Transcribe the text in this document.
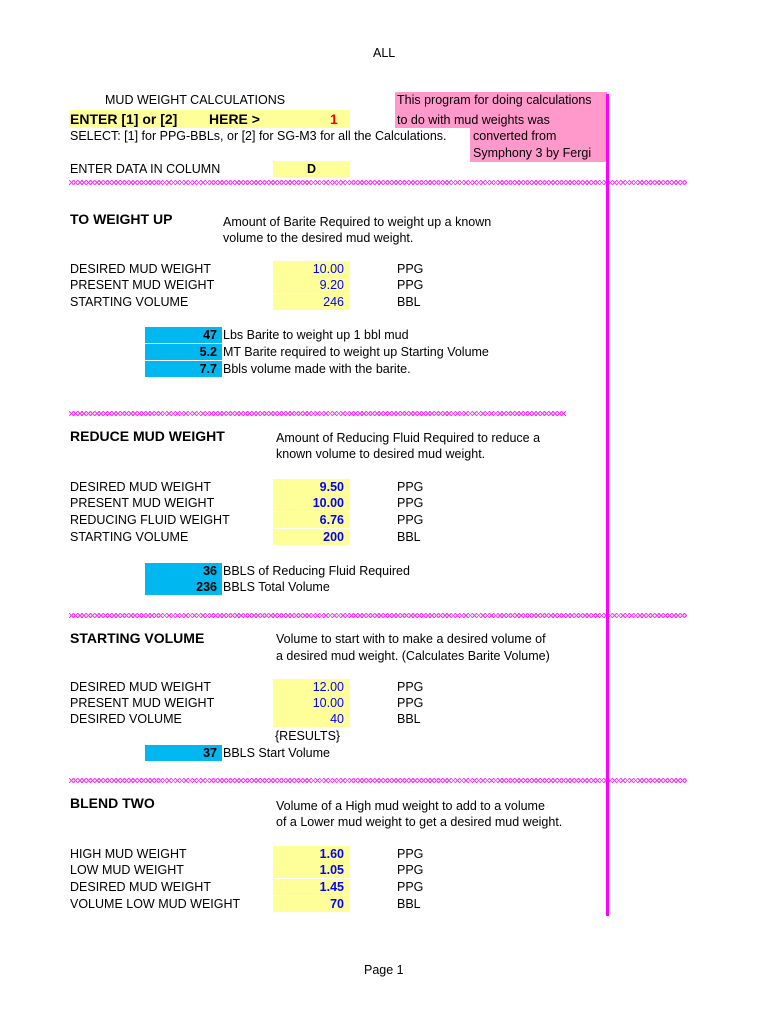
ALL
MUD WEIGHT CALCULATIONS
ENTER [1] or [2] HERE >	1
SELECT: [1] for PPG-BBLs, or [2] for SG-M3 for all the Calculations.
ENTER DATA IN COLUMN	D
This program for doing calculations
to do with mud weights was
converted from
Symphony 3 by Fergi
TO WEIGHT UP	Amount of Barite Required to weight up a known
volume to the desired mud weight.
DESIRED MUD WEIGHT	10.00	PPG
PRESENT MUD WEIGHT	9.20	PPG
STARTING VOLUME	246	BBL
47 Lbs Barite to weight up 1 bbl mud
5.2 MT Barite required to weight up Starting Volume
7.7 Bbls volume made with the barite.
REDUCE MUD WEIGHT	Amount of Reducing Fluid Required to reduce a
known volume to desired mud weight.
DESIRED MUD WEIGHT	9.50	PPG
PRESENT MUD WEIGHT	10.00	PPG
REDUCING FLUID WEIGHT	6.76	PPG
STARTING VOLUME	200	BBL
36 BBLS of Reducing Fluid Required
236 BBLS Total Volume
STARTING VOLUME	Volume to start with to make a desired volume of
a desired mud weight. (Calculates Barite Volume)
DESIRED MUD WEIGHT	12.00	PPG
PRESENT MUD WEIGHT	10.00	PPG
DESIRED VOLUME	40	BBL
{RESULTS}
37 BBLS Start Volume
BLEND TWO	Volume of a High mud weight to add to a volume
of a Lower mud weight to get a desired mud weight.
HIGH MUD WEIGHT	1.60	PPG
LOW MUD WEIGHT	1.05	PPG
DESIRED MUD WEIGHT	1.45	PPG
VOLUME LOW MUD WEIGHT	70	BBL
Page 1
